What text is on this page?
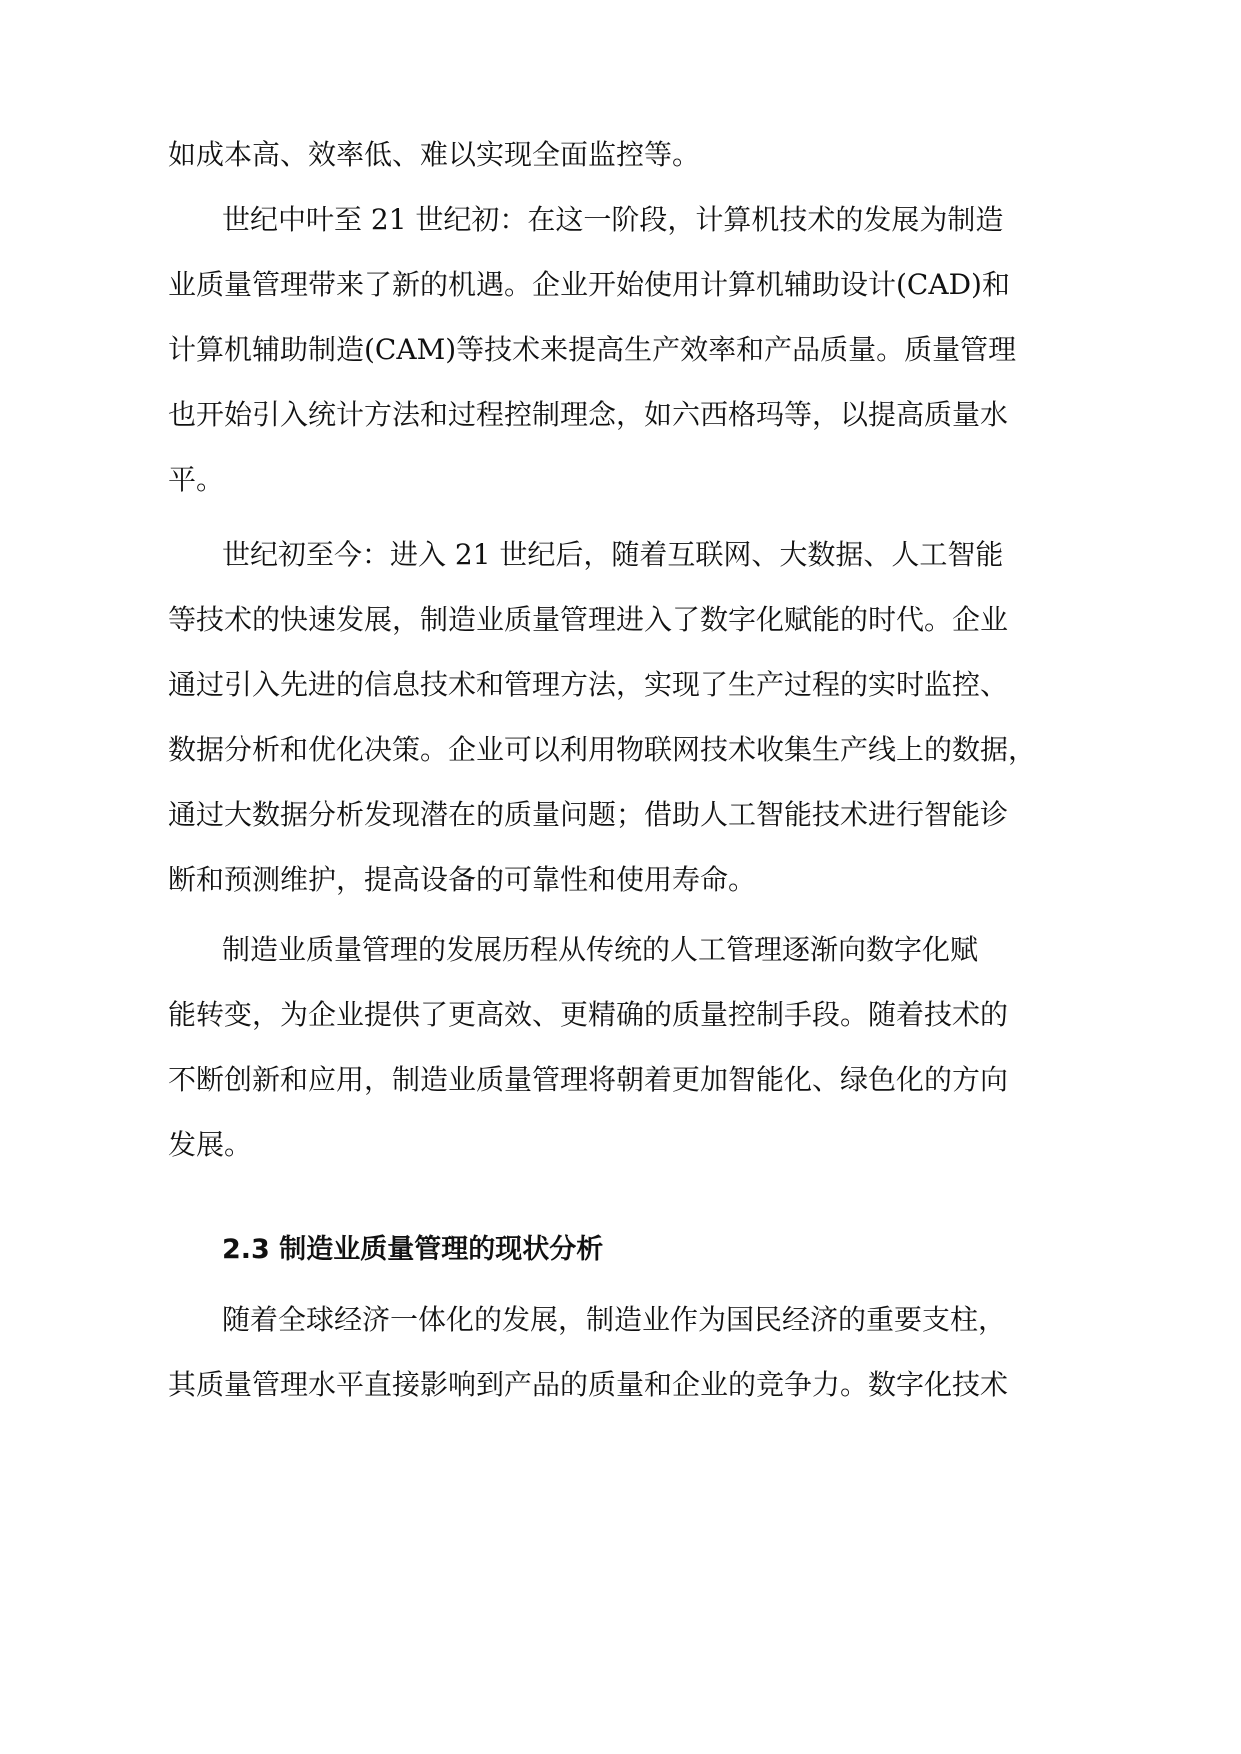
如成本高、效率低、难以实现全面监控等。

世纪中叶至 21 世纪初：在这一阶段，计算机技术的发展为制造

业质量管理带来了新的机遇。企业开始使用计算机辅助设计(CAD)和

计算机辅助制造(CAM)等技术来提高生产效率和产品质量。质量管理

也开始引入统计方法和过程控制理念，如六西格玛等，以提高质量水

平。

世纪初至今：进入 21 世纪后，随着互联网、大数据、人工智能

等技术的快速发展，制造业质量管理进入了数字化赋能的时代。企业

通过引入先进的信息技术和管理方法，实现了生产过程的实时监控、

数据分析和优化决策。企业可以利用物联网技术收集生产线上的数据，

通过大数据分析发现潜在的质量问题；借助人工智能技术进行智能诊

断和预测维护，提高设备的可靠性和使用寿命。

制造业质量管理的发展历程从传统的人工管理逐渐向数字化赋

能转变，为企业提供了更高效、更精确的质量控制手段。随着技术的

不断创新和应用，制造业质量管理将朝着更加智能化、绿色化的方向

发展。

2.3 制造业质量管理的现状分析

随着全球经济一体化的发展，制造业作为国民经济的重要支柱，

其质量管理水平直接影响到产品的质量和企业的竞争力。数字化技术
